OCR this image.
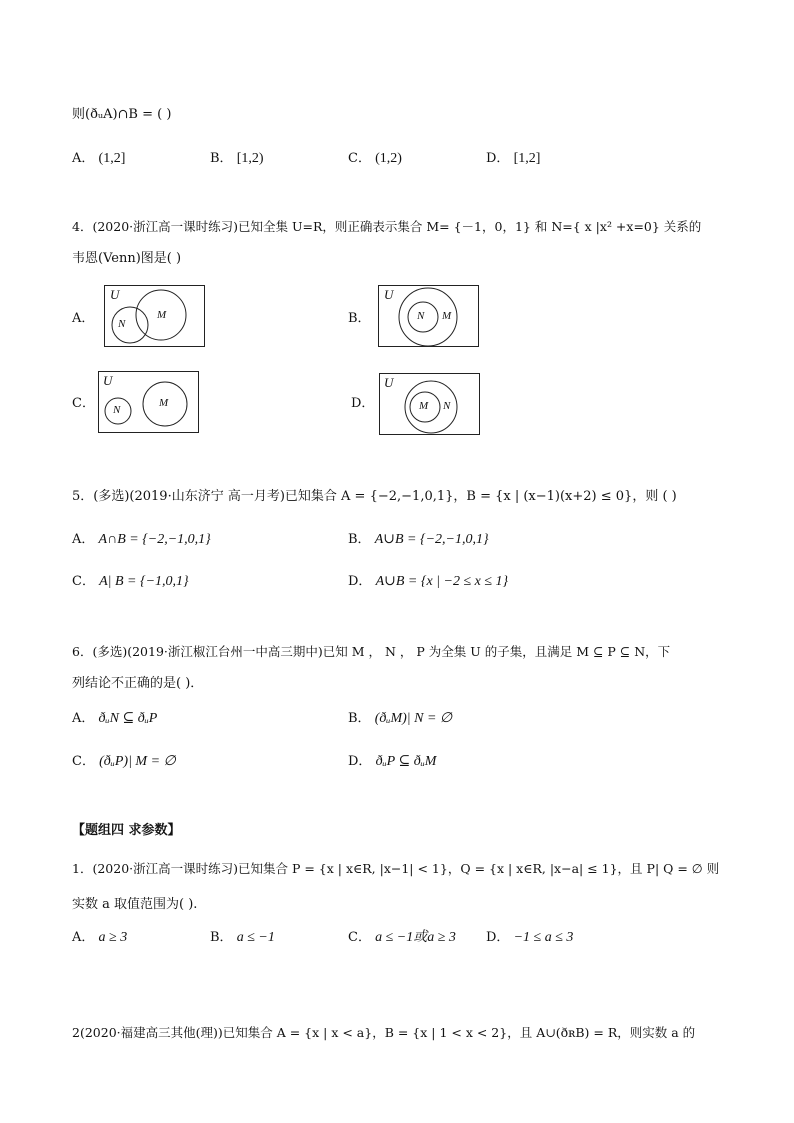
则(ðᵤA)∩B = ( )
A． (1,2]	B． [1,2)	C． (1,2)	D． [1,2]
4．(2020·浙江高一课时练习)已知全集 U=R，则正确表示集合 M= {－1，0，1} 和 N={ x |x² +x=0} 关系的
韦恩(Venn)图是( )
A．
U
M
N	B．
U
N M
C．
U
N
M	D．
U
M N
5．(多选)(2019·山东济宁 高一月考)已知集合 A = {−2,−1,0,1}，B = {x | (x−1)(x+2) ≤ 0}，则 ( )
A． A∩B = {−2,−1,0,1}	B． A∪B = {−2,−1,0,1}
C． A| B = {−1,0,1}	D． A∪B = {x | −2 ≤ x ≤ 1}
6．(多选)(2019·浙江椒江台州一中高三期中)已知 M ， N ， P 为全集 U 的子集，且满足 M ⊆ P ⊆ N，下
列结论不正确的是( )．
A． ðᵤN ⊆ ðᵤP	B． (ðᵤM)| N = ∅
C． (ðᵤP)| M = ∅	D． ðᵤP ⊆ ðᵤM
【题组四 求参数】
1．(2020·浙江高一课时练习)已知集合 P = {x | x∈R, |x−1| < 1}，Q = {x | x∈R, |x−a| ≤ 1}，且 P| Q = ∅ 则
实数 a 取值范围为( ).
A． a ≥ 3	B． a ≤ −1	C． a ≤ −1或a ≥ 3 D． −1 ≤ a ≤ 3
2(2020·福建高三其他(理))已知集合 A = {x | x < a}，B = {x | 1 < x < 2}，且 A∪(ðʀB) = R，则实数 a 的
